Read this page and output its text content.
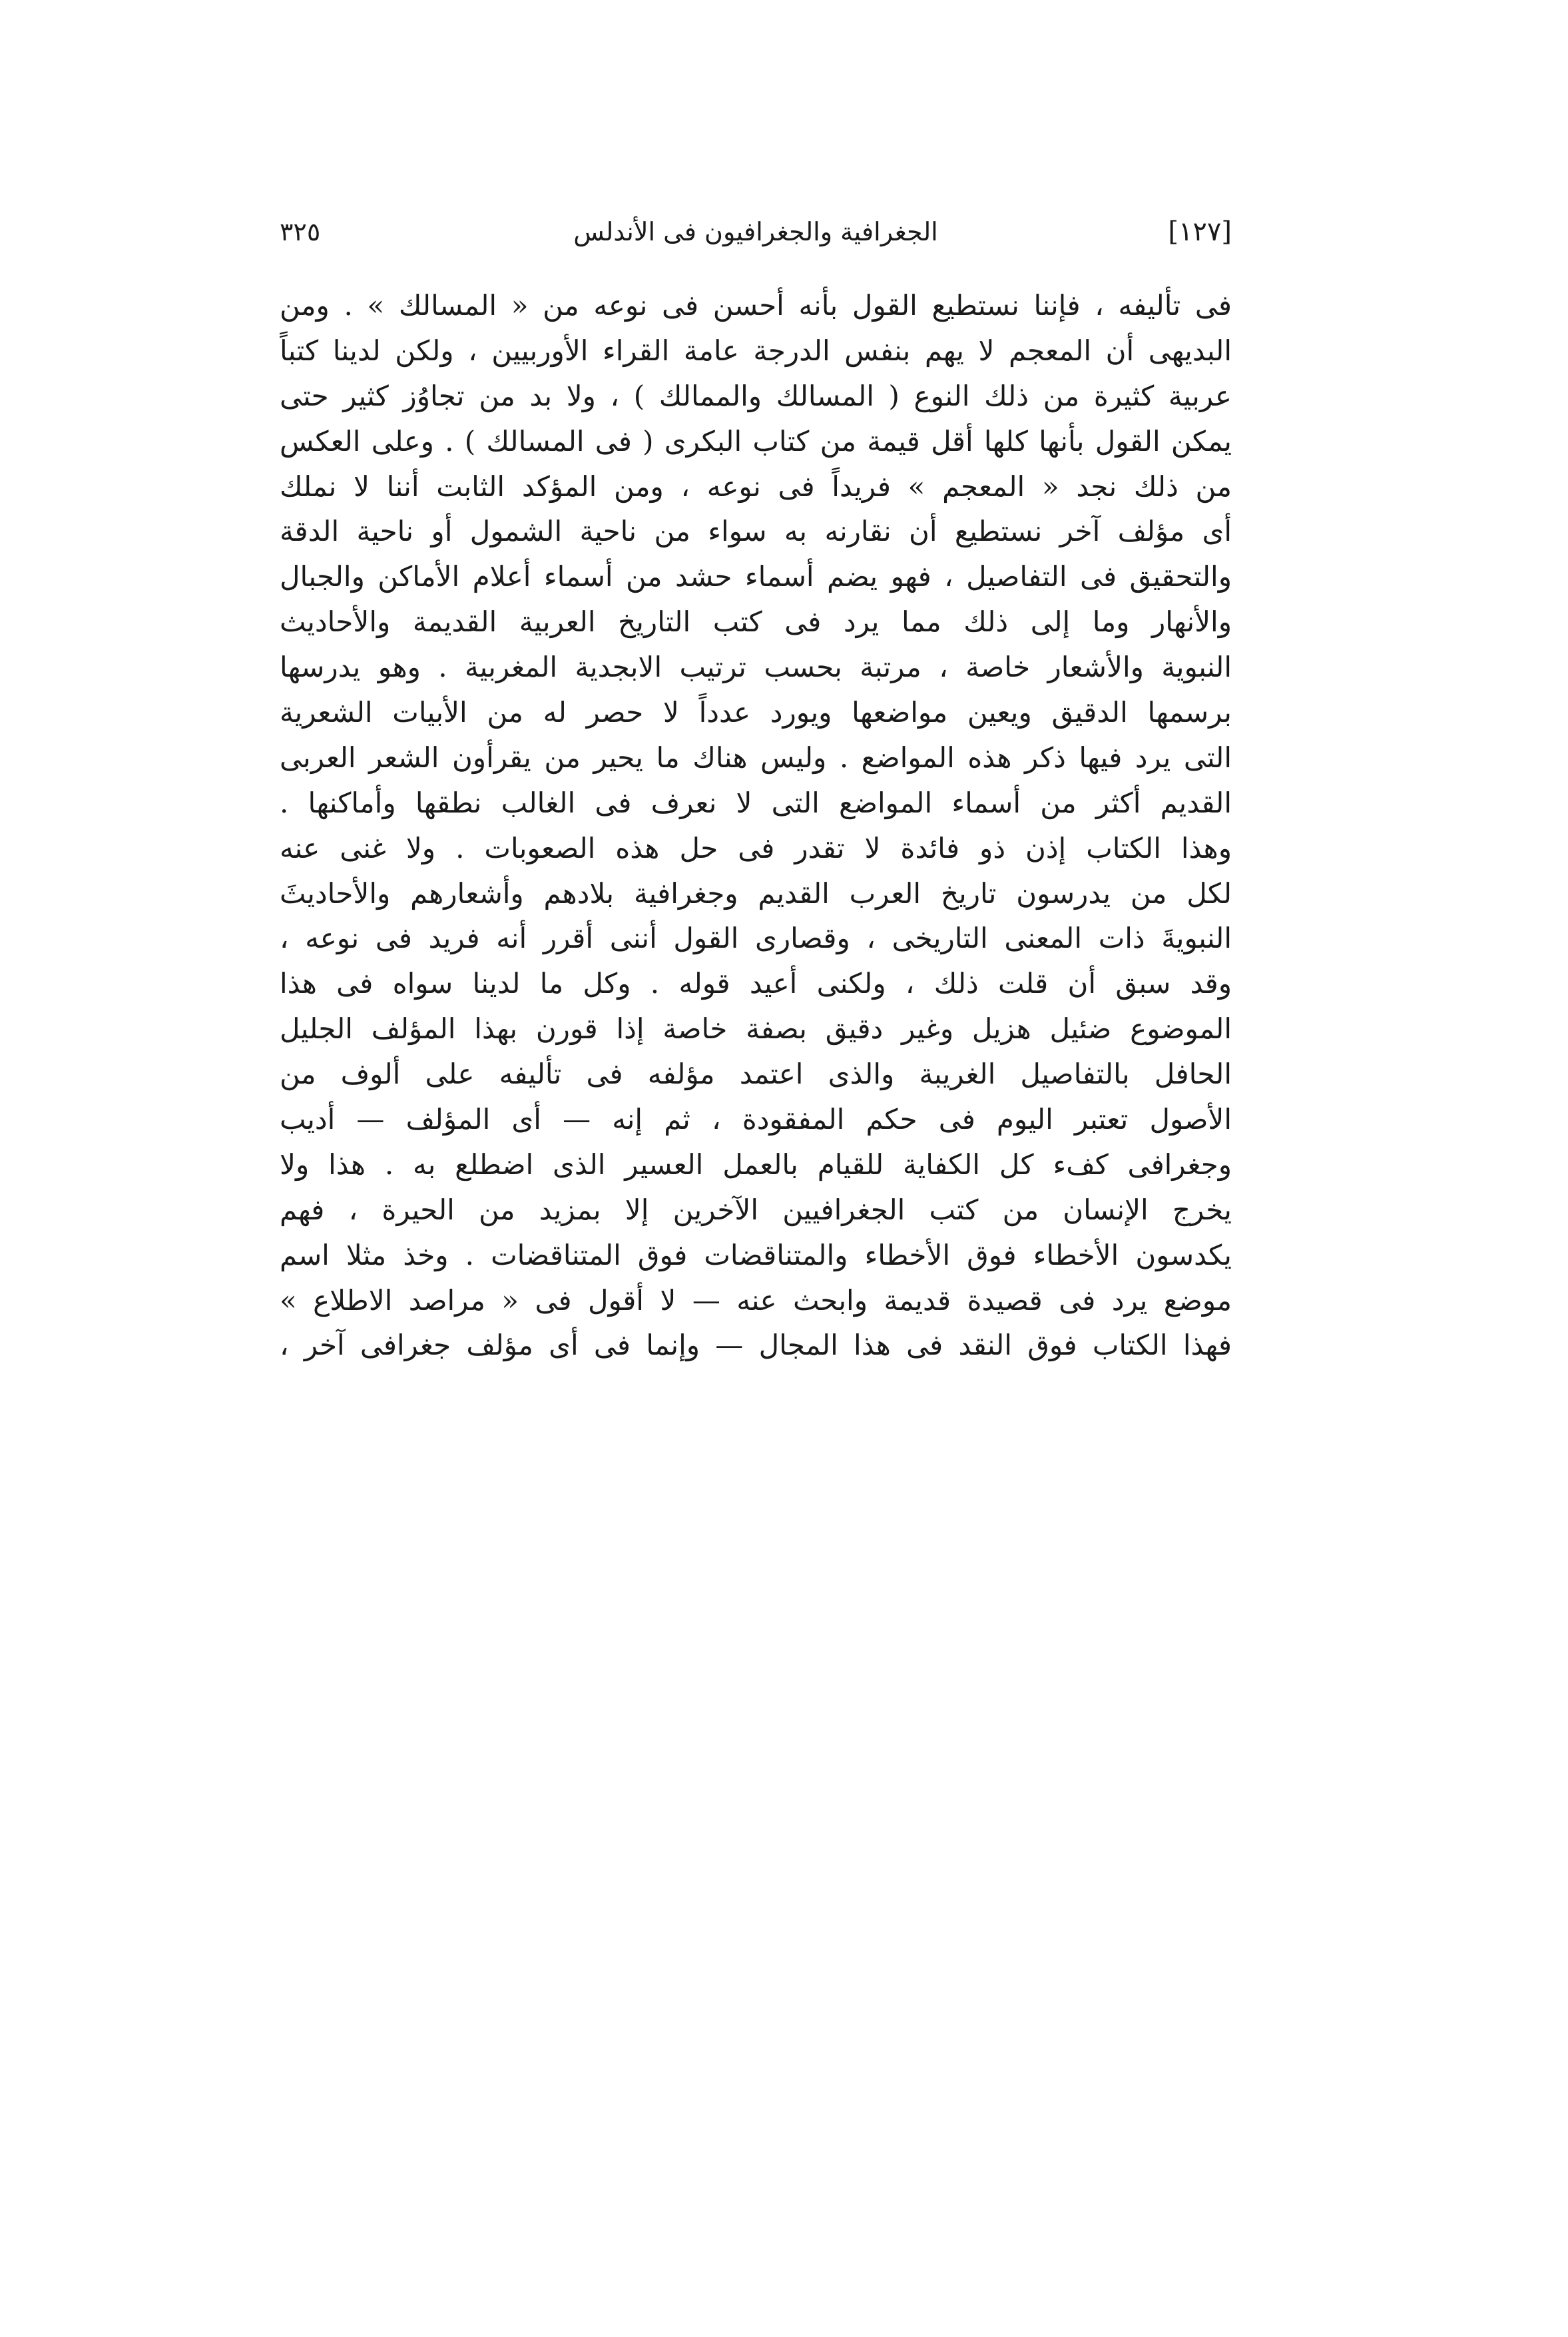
٣٢٥	الجغرافية والجغرافيون فى الأندلس	[١٢٧]
فى تأليفه ، فإننا نستطيع القول بأنه أحسن فى نوعه من « المسالك » . ومن
البديهى أن المعجم لا يهم بنفس الدرجة عامة القراء الأوربيين ، ولكن لدينا كتباً
عربية كثيرة من ذلك النوع ( المسالك والممالك ) ، ولا بد من تجاوُز كثير حتى
يمكن القول بأنها كلها أقل قيمة من كتاب البكرى ( فى المسالك ) . وعلى العكس
من ذلك نجد « المعجم » فريداً فى نوعه ، ومن المؤكد الثابت أننا لا نملك
أى مؤلف آخر نستطيع أن نقارنه به سواء من ناحية الشمول أو ناحية الدقة
والتحقيق فى التفاصيل ، فهو يضم أسماء حشد من أسماء أعلام الأماكن والجبال
والأنهار وما إلى ذلك مما يرد فى كتب التاريخ العربية القديمة والأحاديث
النبوية والأشعار خاصة ، مرتبة بحسب ترتيب الابجدية المغربية . وهو يدرسها
برسمها الدقيق ويعين مواضعها ويورد عدداً لا حصر له من الأبيات الشعرية
التى يرد فيها ذكر هذه المواضع . وليس هناك ما يحير من يقرأون الشعر العربى
القديم أكثر من أسماء المواضع التى لا نعرف فى الغالب نطقها وأماكنها .
وهذا الكتاب إذن ذو فائدة لا تقدر فى حل هذه الصعوبات . ولا غنى عنه
لكل من يدرسون تاريخ العرب القديم وجغرافية بلادهم وأشعارهم والأحاديثَ
النبويةَ ذات المعنى التاريخى ، وقصارى القول أننى أقرر أنه فريد فى نوعه ،
وقد سبق أن قلت ذلك ، ولكنى أعيد قوله . وكل ما لدينا سواه فى هذا
الموضوع ضئيل هزيل وغير دقيق بصفة خاصة إذا قورن بهذا المؤلف الجليل
الحافل بالتفاصيل الغريبة والذى اعتمد مؤلفه فى تأليفه على ألوف من
الأصول تعتبر اليوم فى حكم المفقودة ، ثم إنه — أى المؤلف — أديب
وجغرافى كفء كل الكفاية للقيام بالعمل العسير الذى اضطلع به . هذا ولا
يخرج الإنسان من كتب الجغرافيين الآخرين إلا بمزيد من الحيرة ، فهم
يكدسون الأخطاء فوق الأخطاء والمتناقضات فوق المتناقضات . وخذ مثلا اسم
موضع يرد فى قصيدة قديمة وابحث عنه — لا أقول فى « مراصد الاطلاع »
فهذا الكتاب فوق النقد فى هذا المجال — وإنما فى أى مؤلف جغرافى آخر ،
